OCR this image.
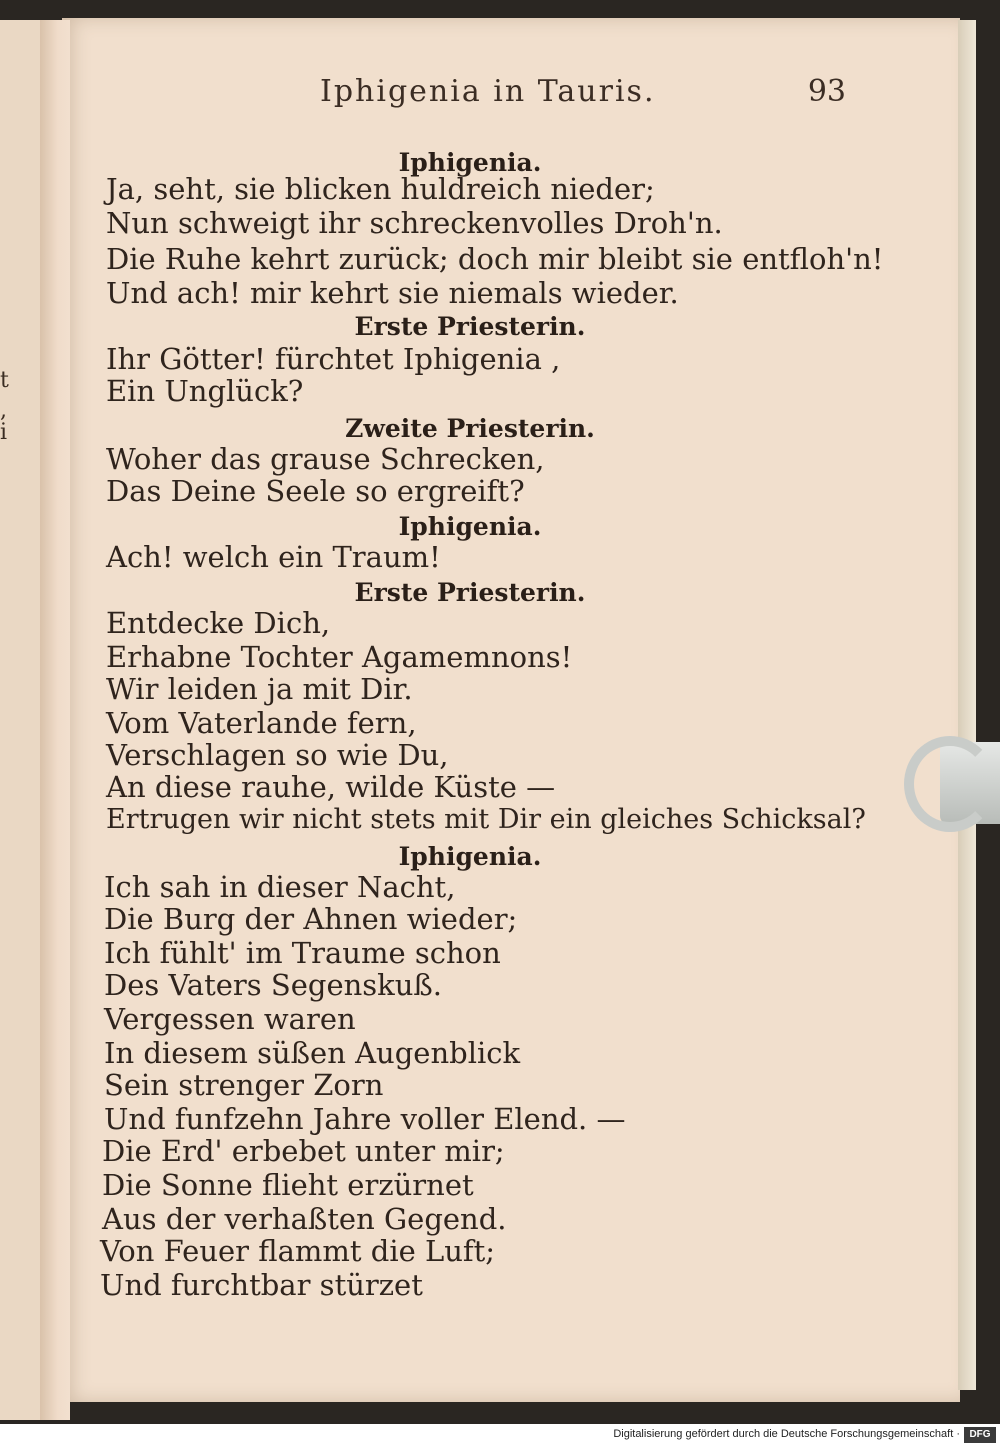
t
,
i
Iphigenia in Tauris.	93
Iphigenia.
Ja, seht, sie blicken huldreich nieder;
Nun schweigt ihr schreckenvolles Droh'n.
Die Ruhe kehrt zurück; doch mir bleibt sie entfloh'n!
Und ach! mir kehrt sie niemals wieder.
Erste Priesterin.
Ihr Götter! fürchtet Iphigenia ,
Ein Unglück?
Zweite Priesterin.
Woher das grause Schrecken,
Das Deine Seele so ergreift?
Iphigenia.
Ach! welch ein Traum!
Erste Priesterin.
Entdecke Dich,
Erhabne Tochter Agamemnons!
Wir leiden ja mit Dir.
Vom Vaterlande fern,
Verschlagen so wie Du,
An diese rauhe, wilde Küste —
Ertrugen wir nicht stets mit Dir ein gleiches Schicksal?
Iphigenia.
Ich sah in dieser Nacht,
Die Burg der Ahnen wieder;
Ich fühlt' im Traume schon
Des Vaters Segenskuß.
Vergessen waren
In diesem süßen Augenblick
Sein strenger Zorn
Und funfzehn Jahre voller Elend. —
Die Erd' erbebet unter mir;
Die Sonne flieht erzürnet
Aus der verhaßten Gegend.
Von Feuer flammt die Luft;
Und furchtbar stürzet
Digitalisierung gefördert durch die Deutsche Forschungsgemeinschaft · DFG
